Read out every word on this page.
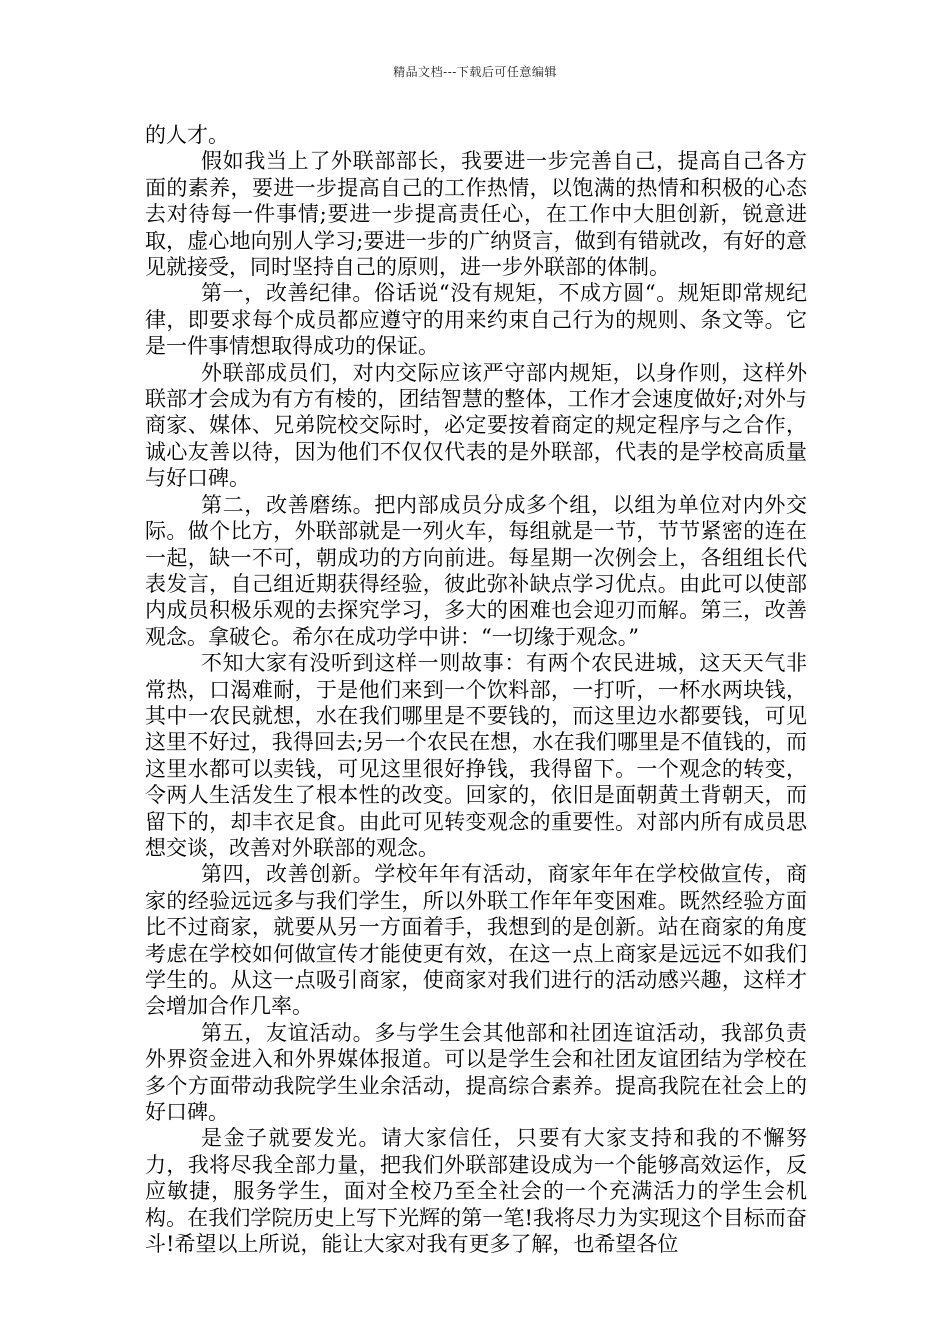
精品文档---下载后可任意编辑

的人才。

假如我当上了外联部部长，我要进一步完善自己，提高自己各方面的素养，要进一步提高自己的工作热情，以饱满的热情和积极的心态去对待每一件事情;要进一步提高责任心，在工作中大胆创新，锐意进取，虚心地向别人学习;要进一步的广纳贤言，做到有错就改，有好的意见就接受，同时坚持自己的原则，进一步外联部的体制。

第一，改善纪律。俗话说“没有规矩，不成方圆“。规矩即常规纪律，即要求每个成员都应遵守的用来约束自己行为的规则、条文等。它是一件事情想取得成功的保证。

外联部成员们，对内交际应该严守部内规矩，以身作则，这样外联部才会成为有方有棱的，团结智慧的整体，工作才会速度做好;对外与商家、媒体、兄弟院校交际时，必定要按着商定的规定程序与之合作，诚心友善以待，因为他们不仅仅代表的是外联部，代表的是学校高质量与好口碑。

第二，改善磨练。把内部成员分成多个组，以组为单位对内外交际。做个比方，外联部就是一列火车，每组就是一节，节节紧密的连在一起，缺一不可，朝成功的方向前进。每星期一次例会上，各组组长代表发言，自己组近期获得经验，彼此弥补缺点学习优点。由此可以使部内成员积极乐观的去探究学习，多大的困难也会迎刃而解。第三，改善观念。拿破仑。希尔在成功学中讲：“一切缘于观念。”

不知大家有没听到这样一则故事：有两个农民进城，这天天气非常热，口渴难耐，于是他们来到一个饮料部，一打听，一杯水两块钱，其中一农民就想，水在我们哪里是不要钱的，而这里边水都要钱，可见这里不好过，我得回去;另一个农民在想，水在我们哪里是不值钱的，而这里水都可以卖钱，可见这里很好挣钱，我得留下。一个观念的转变，令两人生活发生了根本性的改变。回家的，依旧是面朝黄土背朝天，而留下的，却丰衣足食。由此可见转变观念的重要性。对部内所有成员思想交谈，改善对外联部的观念。

第四，改善创新。学校年年有活动，商家年年在学校做宣传，商家的经验远远多与我们学生，所以外联工作年年变困难。既然经验方面比不过商家，就要从另一方面着手，我想到的是创新。站在商家的角度考虑在学校如何做宣传才能使更有效，在这一点上商家是远远不如我们学生的。从这一点吸引商家，使商家对我们进行的活动感兴趣，这样才会增加合作几率。

第五，友谊活动。多与学生会其他部和社团连谊活动，我部负责外界资金进入和外界媒体报道。可以是学生会和社团友谊团结为学校在多个方面带动我院学生业余活动，提高综合素养。提高我院在社会上的好口碑。

是金子就要发光。请大家信任，只要有大家支持和我的不懈努力，我将尽我全部力量，把我们外联部建设成为一个能够高效运作，反应敏捷，服务学生，面对全校乃至全社会的一个充满活力的学生会机构。在我们学院历史上写下光辉的第一笔!我将尽力为实现这个目标而奋斗!希望以上所说，能让大家对我有更多了解，也希望各位
